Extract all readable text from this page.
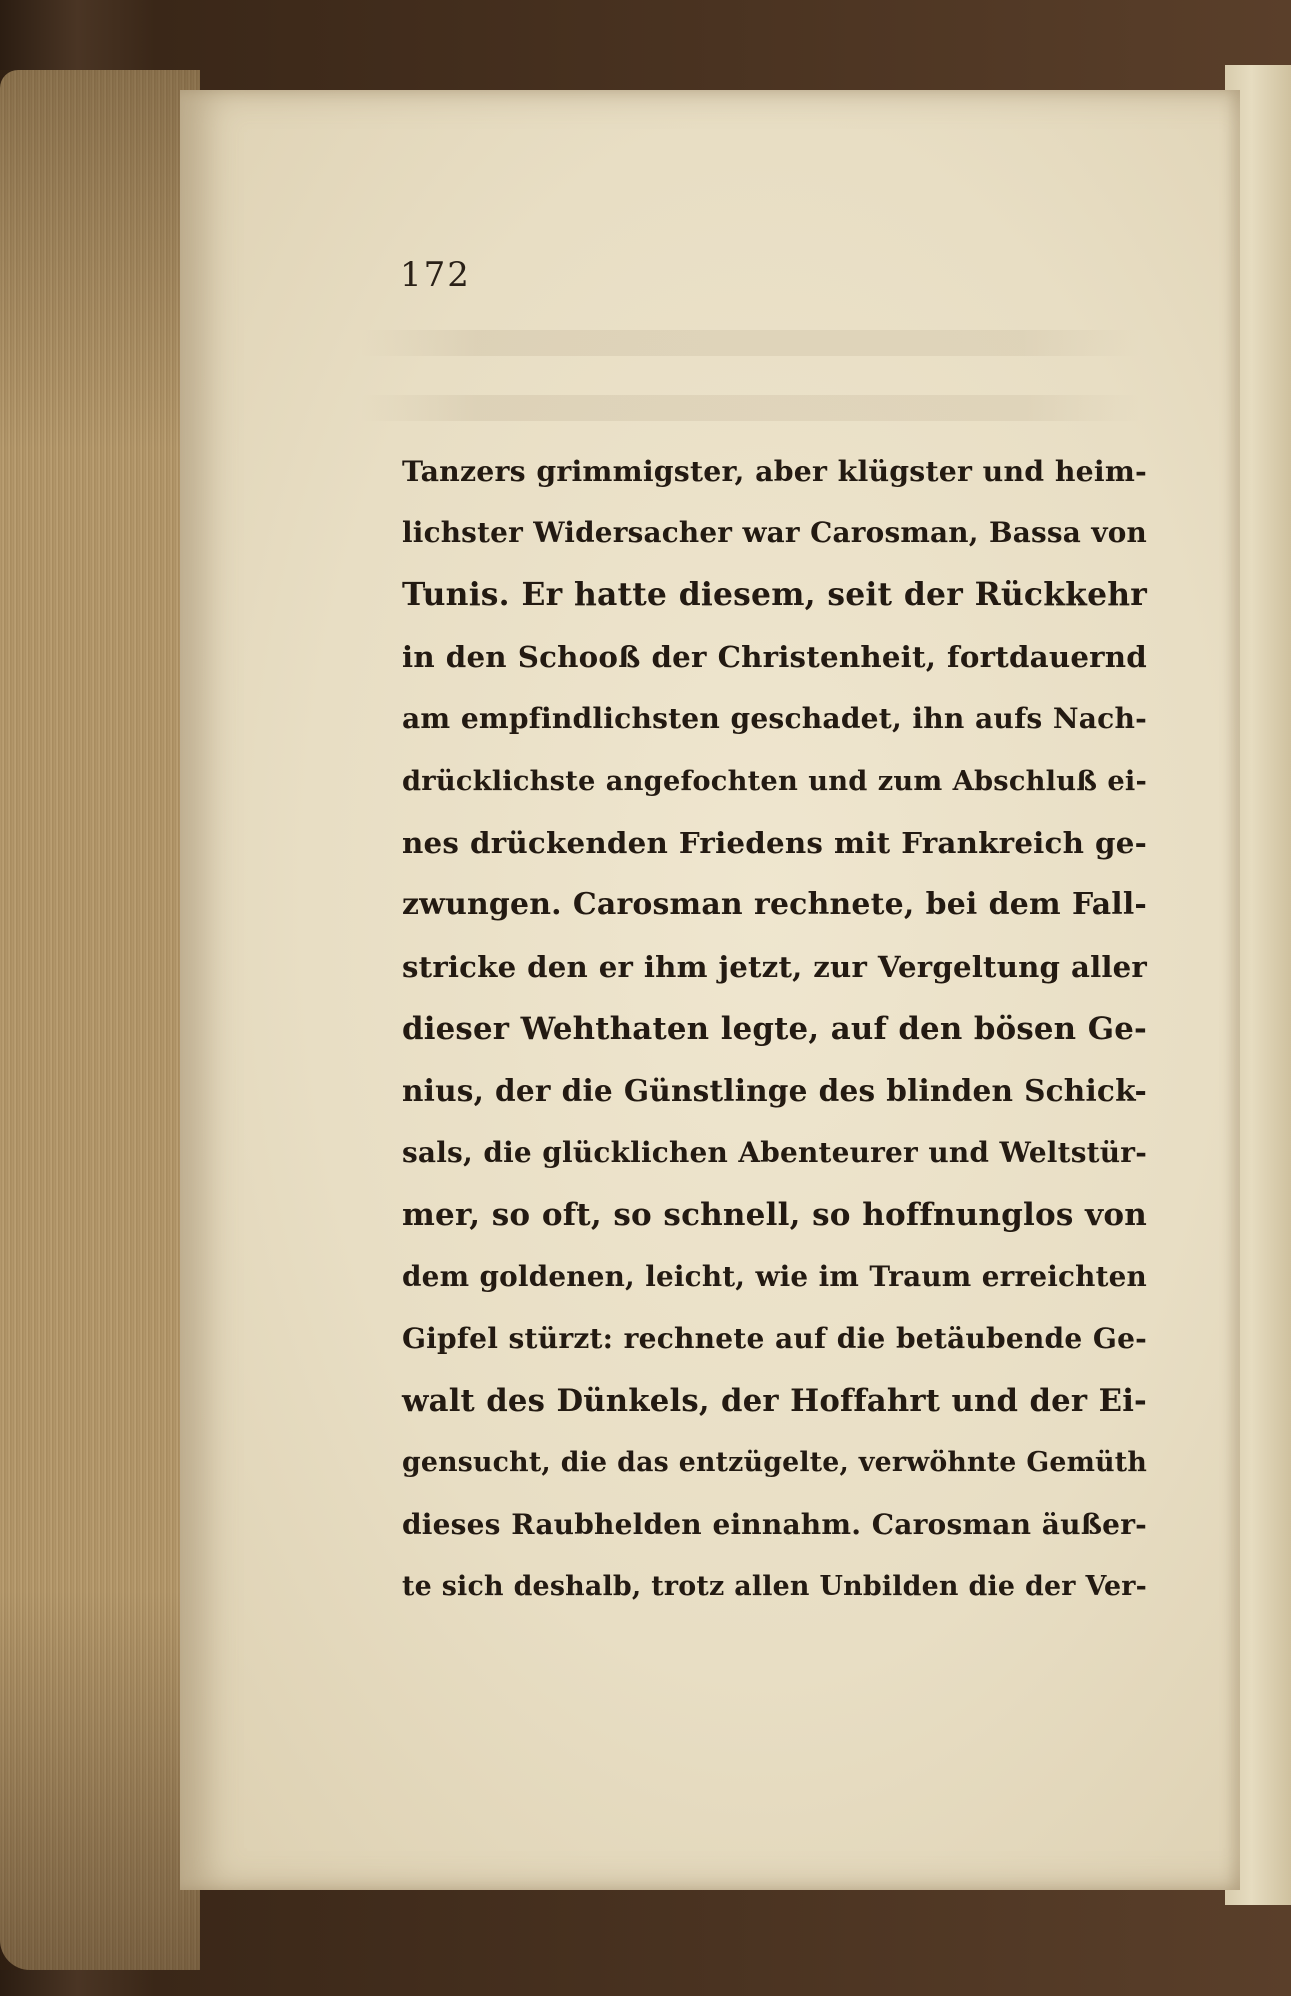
172
Tanzers grimmigster, aber klügster und heim-
lichster Widersacher war Carosman, Bassa von
Tunis. Er hatte diesem, seit der Rückkehr
in den Schooß der Christenheit, fortdauernd
am empfindlichsten geschadet, ihn aufs Nach-
drücklichste angefochten und zum Abschluß ei-
nes drückenden Friedens mit Frankreich ge-
zwungen. Carosman rechnete, bei dem Fall-
stricke den er ihm jetzt, zur Vergeltung aller
dieser Wehthaten legte, auf den bösen Ge-
nius, der die Günstlinge des blinden Schick-
sals, die glücklichen Abenteurer und Weltstür-
mer, so oft, so schnell, so hoffnunglos von
dem goldenen, leicht, wie im Traum erreichten
Gipfel stürzt: rechnete auf die betäubende Ge-
walt des Dünkels, der Hoffahrt und der Ei-
gensucht, die das entzügelte, verwöhnte Gemüth
dieses Raubhelden einnahm. Carosman äußer-
te sich deshalb, trotz allen Unbilden die der Ver-
